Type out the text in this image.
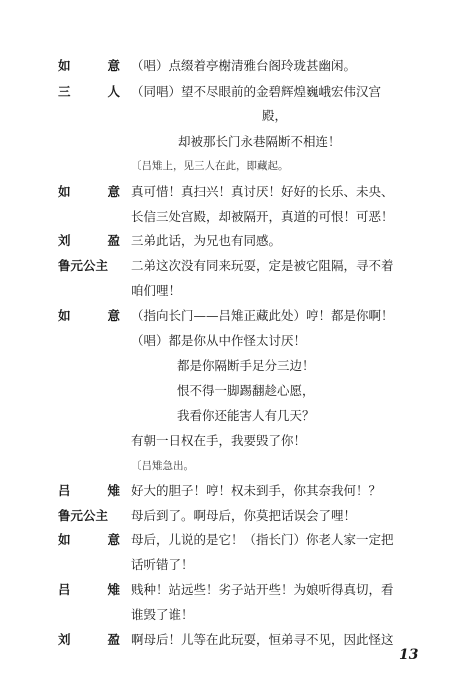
如	意 （唱）点缀着亭榭清雅台阁玲珑甚幽闲。
三	人 （同唱）望不尽眼前的金碧辉煌巍峨宏伟汉宫
殿，
却被那长门永巷隔断不相连！
〔吕雉上，见三人在此，即藏起。
如	意 真可惜！真扫兴！真讨厌！好好的长乐、未央、
长信三处宫殿，却被隔开，真道的可恨！可恶！
刘	盈 三弟此话，为兄也有同感。
鲁元公主 二弟这次没有同来玩耍，定是被它阻隔，寻不着
咱们哩！
如	意 （指向长门——吕雉正藏此处）哼！都是你啊！
（唱）都是你从中作怪太讨厌！
都是你隔断手足分三边！
恨不得一脚踢翻趁心愿，
我看你还能害人有几天？
有朝一日权在手，我要毁了你！
〔吕雉急出。
吕	雉 好大的胆子！哼！权未到手，你其奈我何！？
鲁元公主 母后到了。啊母后，你莫把话误会了哩！
如	意 母后，儿说的是它！（指长门）你老人家一定把
话听错了！
吕	雉 贱种！站远些！劣子站开些！为娘听得真切，看
谁毁了谁！
刘	盈 啊母后！儿等在此玩耍，恒弟寻不见，因此怪这
13
